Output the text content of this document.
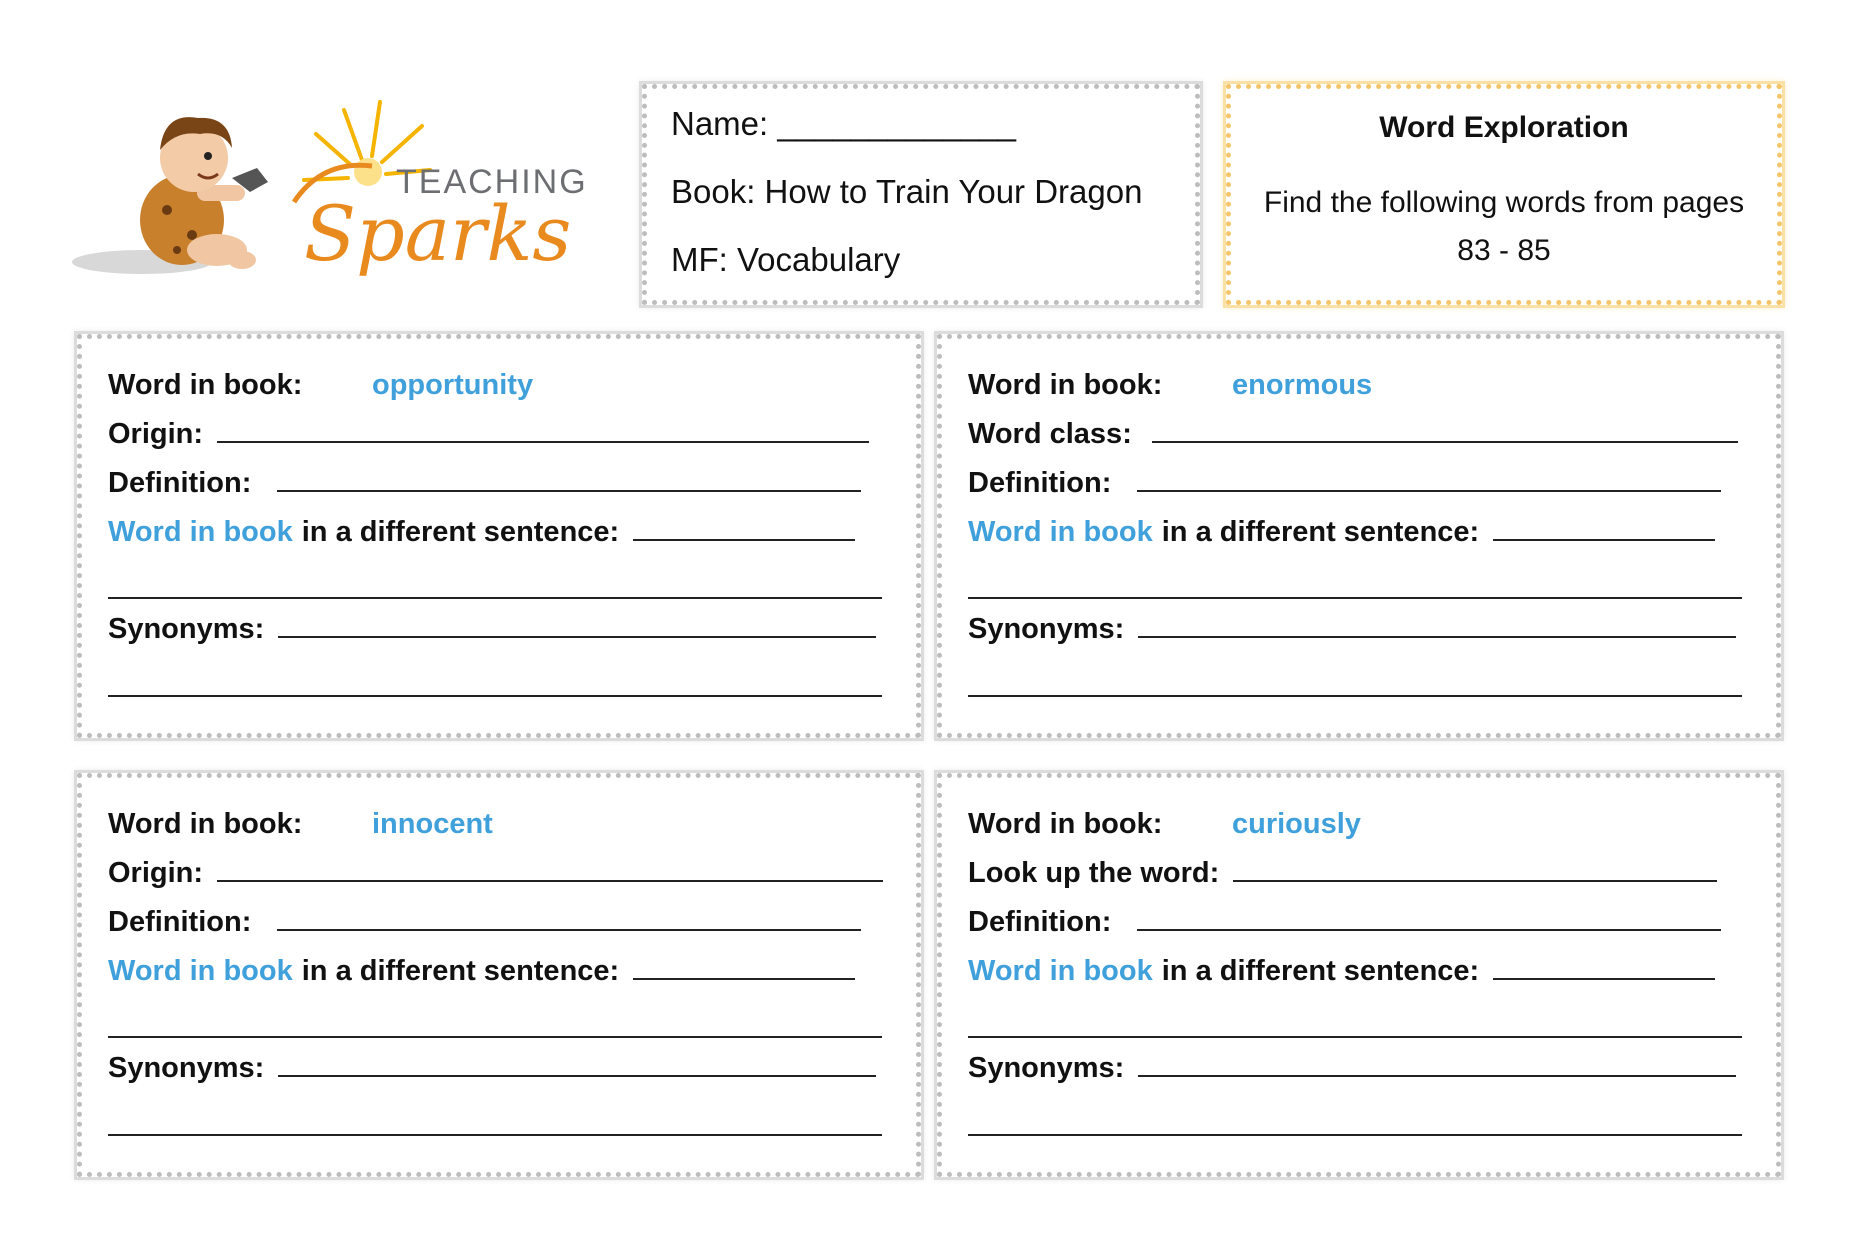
TEACHING
Sparks
Name: _____________
Book: How to Train Your Dragon
MF: Vocabulary
Word Exploration
Find the following words from pages 83 - 85
Word in book: opportunity
Origin:
Definition:
Word in book in a different sentence:
Synonyms:
Word in book: enormous
Word class:
Definition:
Word in book in a different sentence:
Synonyms:
Word in book: innocent
Origin:
Definition:
Word in book in a different sentence:
Synonyms:
Word in book: curiously
Look up the word:
Definition:
Word in book in a different sentence:
Synonyms:
